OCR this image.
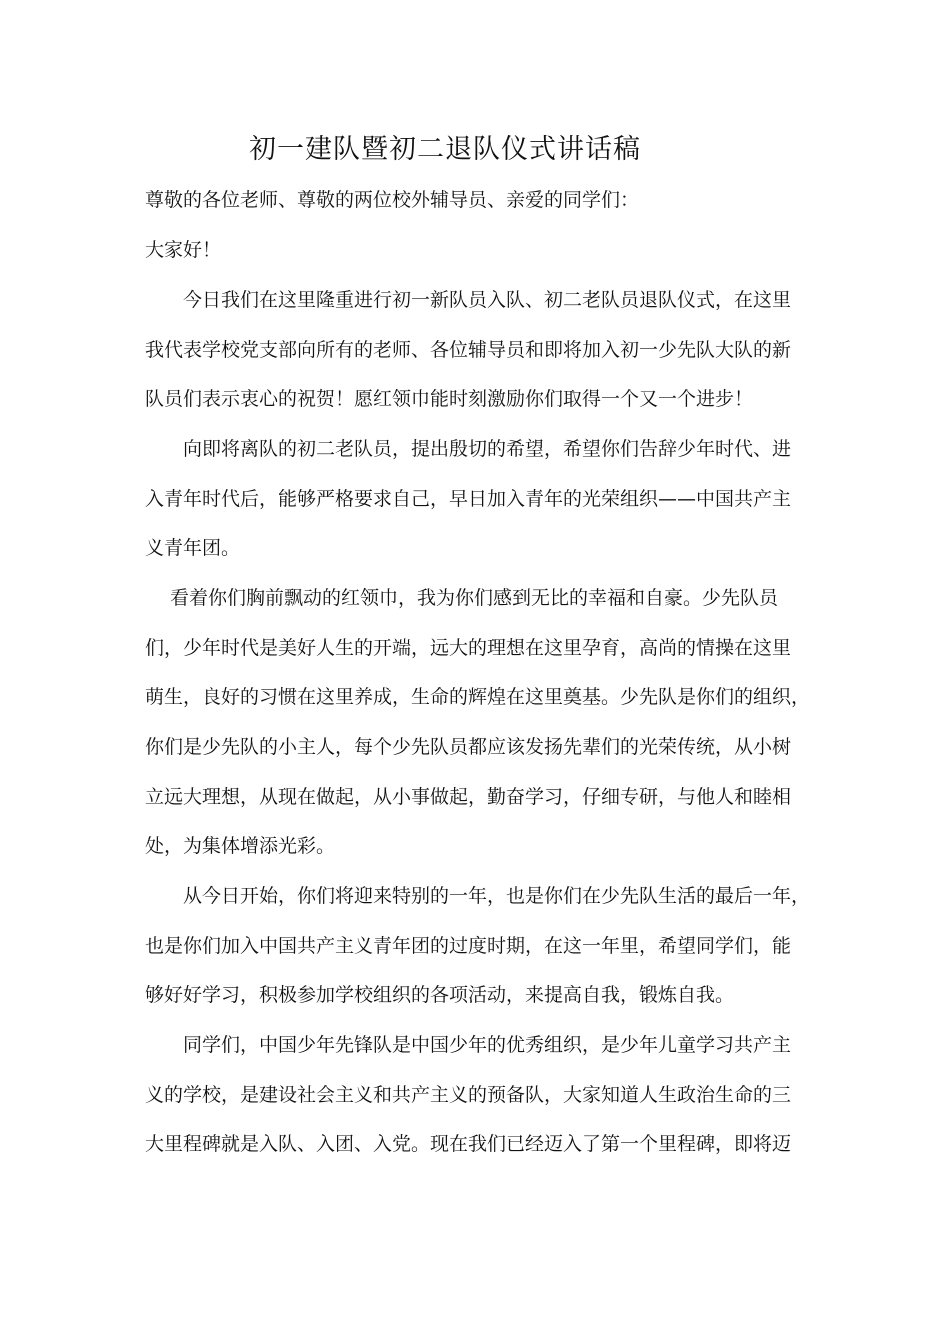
初一建队暨初二退队仪式讲话稿
尊敬的各位老师、尊敬的两位校外辅导员、亲爱的同学们：
大家好！
　　今日我们在这里隆重进行初一新队员入队、初二老队员退队仪式，在这里
我代表学校党支部向所有的老师、各位辅导员和即将加入初一少先队大队的新
队员们表示衷心的祝贺！愿红领巾能时刻激励你们取得一个又一个进步！
　　向即将离队的初二老队员，提出殷切的希望，希望你们告辞少年时代、进
入青年时代后，能够严格要求自己，早日加入青年的光荣组织——中国共产主
义青年团。
　 看着你们胸前飘动的红领巾，我为你们感到无比的幸福和自豪。少先队员
们，少年时代是美好人生的开端，远大的理想在这里孕育，高尚的情操在这里
萌生，良好的习惯在这里养成，生命的辉煌在这里奠基。少先队是你们的组织，
你们是少先队的小主人，每个少先队员都应该发扬先辈们的光荣传统，从小树
立远大理想，从现在做起，从小事做起，勤奋学习，仔细专研，与他人和睦相
处，为集体增添光彩。
　　从今日开始，你们将迎来特别的一年，也是你们在少先队生活的最后一年，
也是你们加入中国共产主义青年团的过度时期，在这一年里，希望同学们，能
够好好学习，积极参加学校组织的各项活动，来提高自我，锻炼自我。
　　同学们，中国少年先锋队是中国少年的优秀组织，是少年儿童学习共产主
义的学校，是建设社会主义和共产主义的预备队，大家知道人生政治生命的三
大里程碑就是入队、入团、入党。现在我们已经迈入了第一个里程碑，即将迈
